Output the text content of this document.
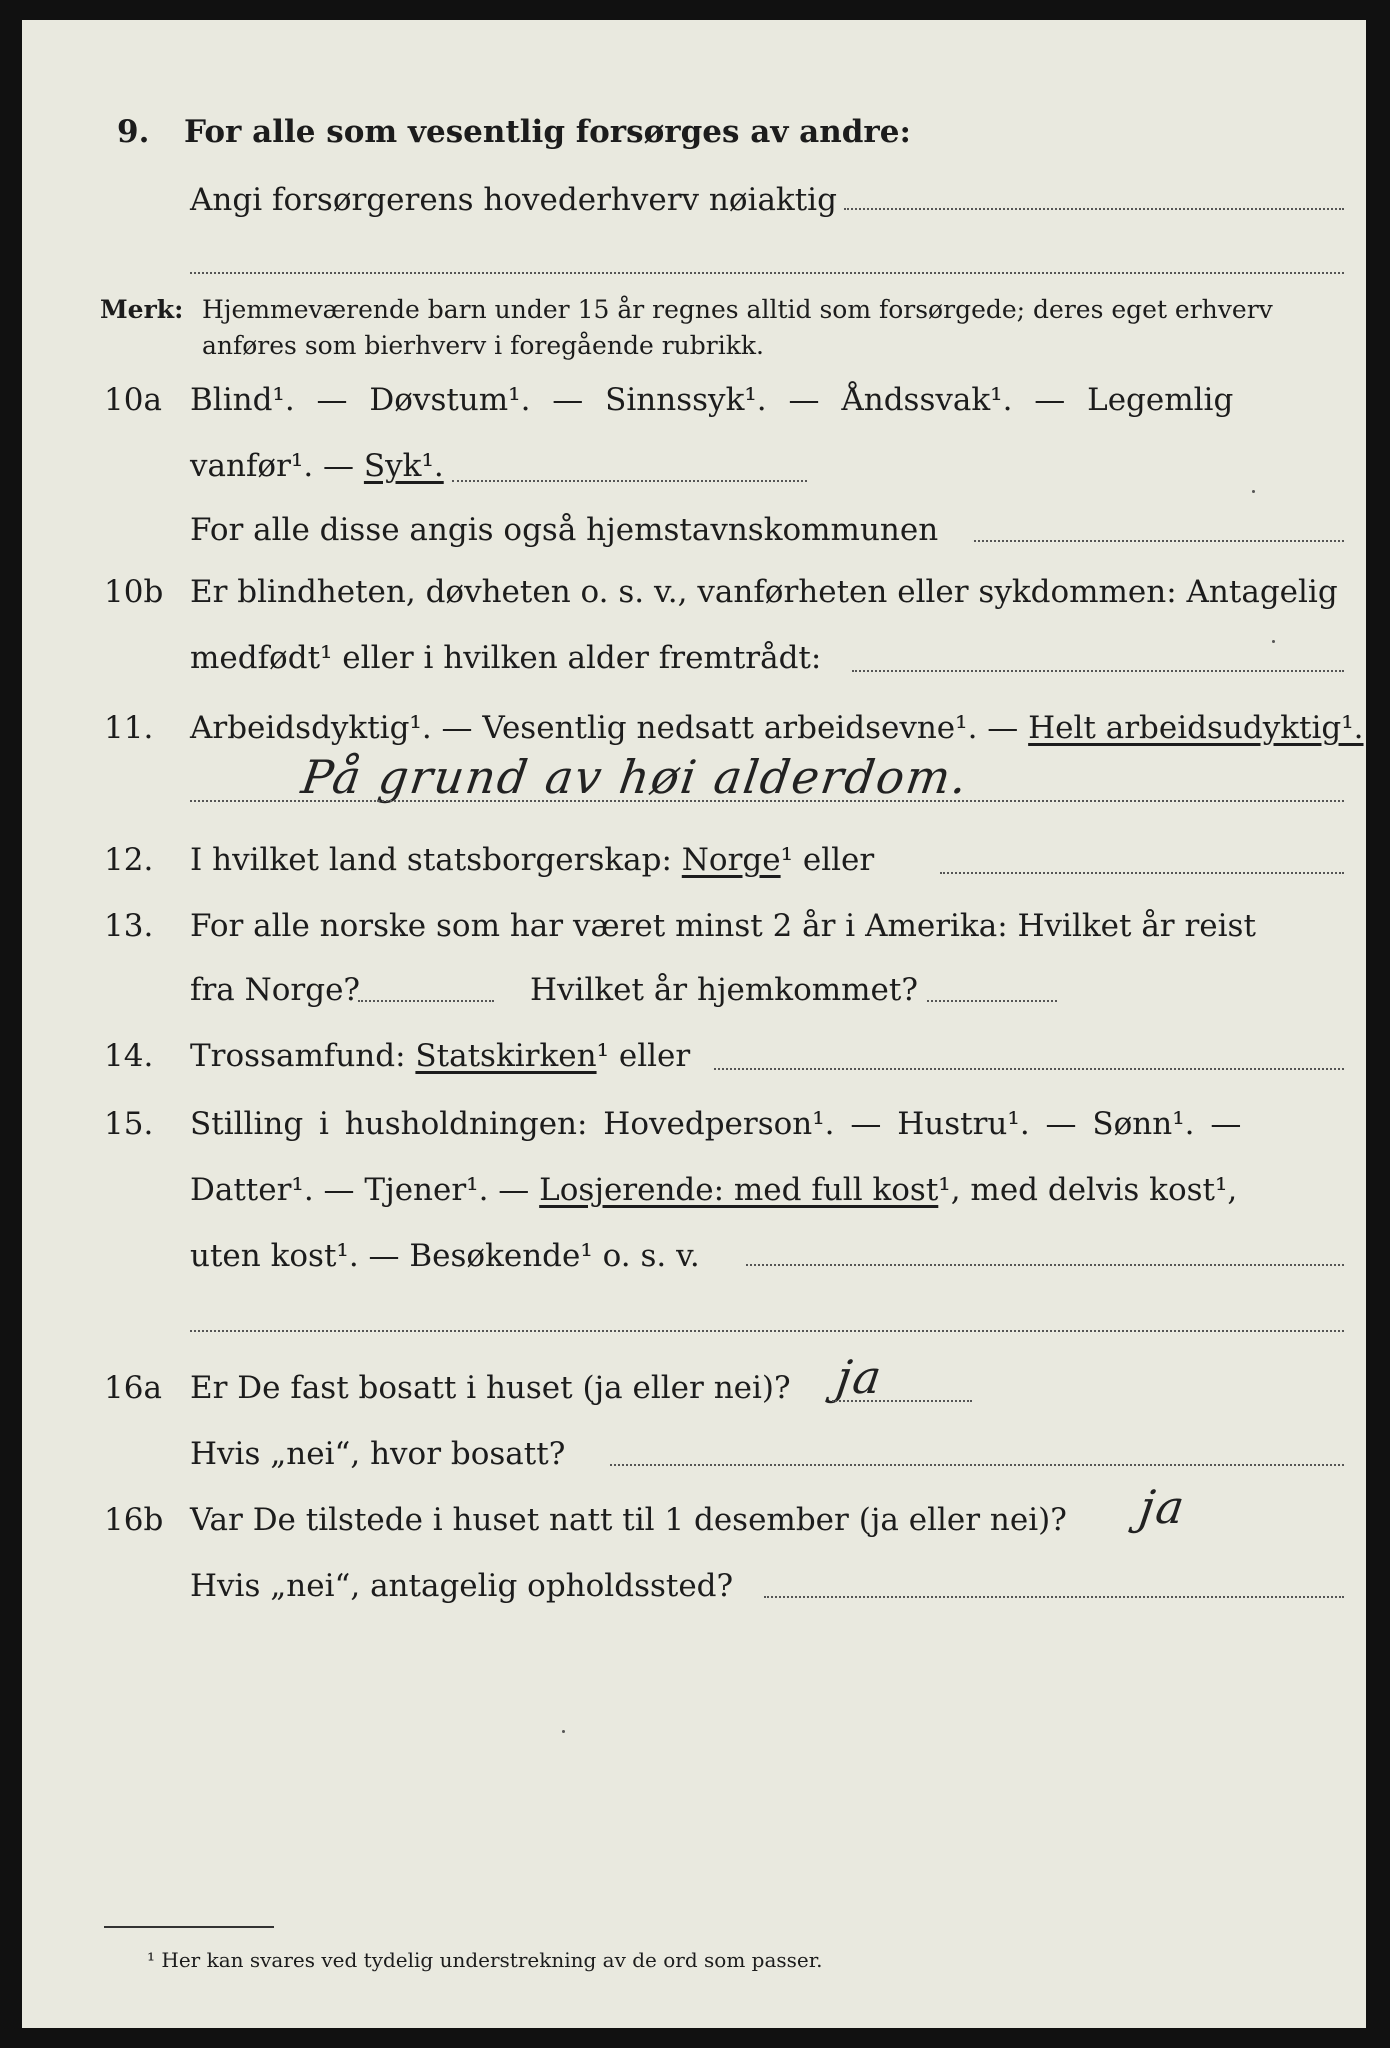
9. For alle som vesentlig forsørges av andre:
Angi forsørgerens hovederhverv nøiaktig
Merk: Hjemmeværende barn under 15 år regnes alltid som forsørgede; deres eget erhverv
anføres som bierhverv i foregående rubrikk.
10a Blind¹. — Døvstum¹. — Sinnssyk¹. — Åndssvak¹. — Legemlig
vanfør¹. — Syk¹.
For alle disse angis også hjemstavnskommunen
10b Er blindheten, døvheten o. s. v., vanførheten eller sykdommen: Antagelig
medfødt¹ eller i hvilken alder fremtrådt:
11. Arbeidsdyktig¹. — Vesentlig nedsatt arbeidsevne¹. — Helt arbeidsudyktig¹.
På grund av høi alderdom.
12. I hvilket land statsborgerskap: Norge¹ eller
13. For alle norske som har været minst 2 år i Amerika: Hvilket år reist
fra Norge?	Hvilket år hjemkommet?
14. Trossamfund: Statskirken¹ eller
15. Stilling i husholdningen: Hovedperson¹. — Hustru¹. — Sønn¹. —
Datter¹. — Tjener¹. — Losjerende: med full kost¹, med delvis kost¹,
uten kost¹. — Besøkende¹ o. s. v.
16a Er De fast bosatt i huset (ja eller nei)? ja
Hvis „nei“, hvor bosatt?
16b Var De tilstede i huset natt til 1 desember (ja eller nei)? ja
Hvis „nei“, antagelig opholdssted?
¹ Her kan svares ved tydelig understrekning av de ord som passer.
